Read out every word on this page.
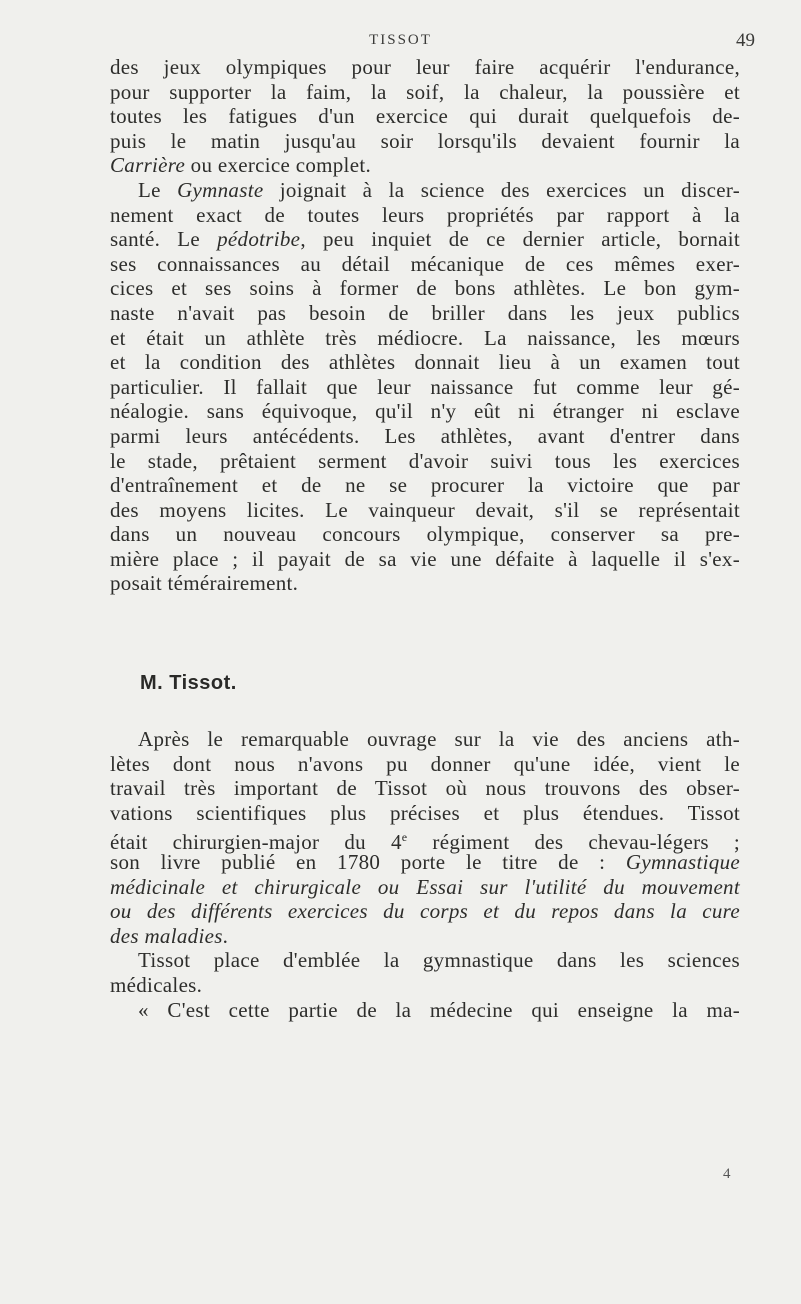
TISSOT	49
des jeux olympiques pour leur faire acquérir l'endurance,
pour supporter la faim, la soif, la chaleur, la poussière et
toutes les fatigues d'un exercice qui durait quelquefois de-
puis le matin jusqu'au soir lorsqu'ils devaient fournir la
Carrière ou exercice complet.
Le Gymnaste joignait à la science des exercices un discer-
nement exact de toutes leurs propriétés par rapport à la
santé. Le pédotribe, peu inquiet de ce dernier article, bornait
ses connaissances au détail mécanique de ces mêmes exer-
cices et ses soins à former de bons athlètes. Le bon gym-
naste n'avait pas besoin de briller dans les jeux publics
et était un athlète très médiocre. La naissance, les mœurs
et la condition des athlètes donnait lieu à un examen tout
particulier. Il fallait que leur naissance fut comme leur gé-
néalogie. sans équivoque, qu'il n'y eût ni étranger ni esclave
parmi leurs antécédents. Les athlètes, avant d'entrer dans
le stade, prêtaient serment d'avoir suivi tous les exercices
d'entraînement et de ne se procurer la victoire que par
des moyens licites. Le vainqueur devait, s'il se représentait
dans un nouveau concours olympique, conserver sa pre-
mière place ; il payait de sa vie une défaite à laquelle il s'ex-
posait témérairement.
M. Tissot.
Après le remarquable ouvrage sur la vie des anciens ath-
lètes dont nous n'avons pu donner qu'une idée, vient le
travail très important de Tissot où nous trouvons des obser-
vations scientifiques plus précises et plus étendues. Tissot
était chirurgien-major du 4e régiment des chevau-légers ;
son livre publié en 1780 porte le titre de : Gymnastique
médicinale et chirurgicale ou Essai sur l'utilité du mouvement
ou des différents exercices du corps et du repos dans la cure
des maladies.
Tissot place d'emblée la gymnastique dans les sciences
médicales.
« C'est cette partie de la médecine qui enseigne la ma-
4
